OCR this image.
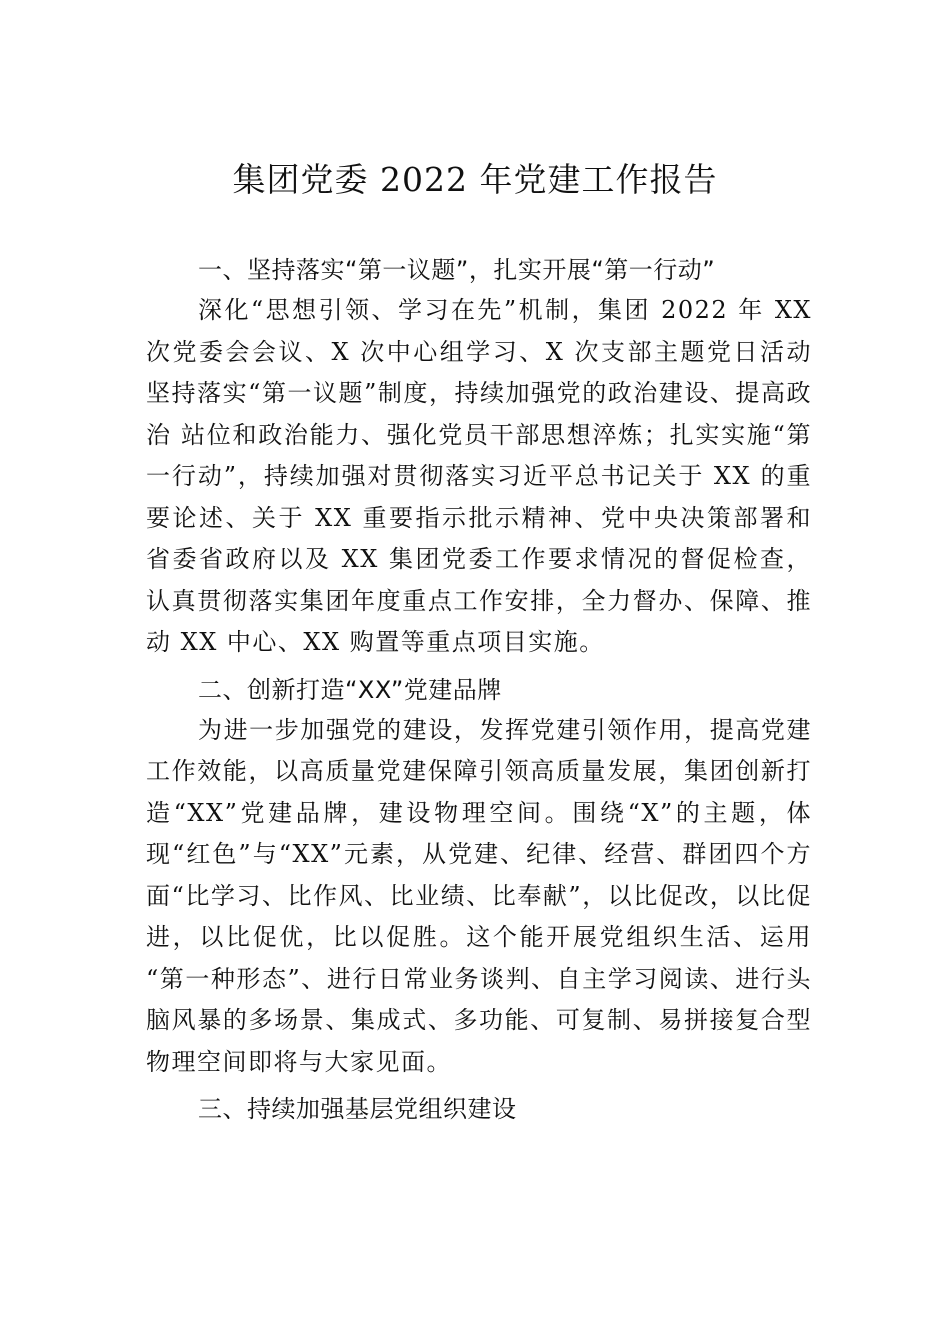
集团党委 2022 年党建工作报告
一、坚持落实“第一议题”，扎实开展“第一行动”

深化“思想引领、学习在先”机制，集团 2022 年 XX 次党委会会议、X 次中心组学习、X 次支部主题党日活动坚持落实“第一议题”制度，持续加强党的政治建设、提高政治 站位和政治能力、强化党员干部思想淬炼；扎实实施“第一行动”，持续加强对贯彻落实习近平总书记关于 XX 的重要论述、关于 XX 重要指示批示精神、党中央决策部署和省委省政府以及 XX 集团党委工作要求情况的督促检查，认真贯彻落实集团年度重点工作安排，全力督办、保障、推动 XX 中心、XX 购置等重点项目实施。

二、创新打造“XX”党建品牌

为进一步加强党的建设，发挥党建引领作用，提高党建工作效能，以高质量党建保障引领高质量发展，集团创新打造“XX”党建品牌，建设物理空间。围绕“X”的主题，体现“红色”与“XX”元素，从党建、纪律、经营、群团四个方面“比学习、比作风、比业绩、比奉献”，以比促改，以比促进，以比促优，比以促胜。这个能开展党组织生活、运用 “第一种形态”、进行日常业务谈判、自主学习阅读、进行头脑风暴的多场景、集成式、多功能、可复制、易拼接复合型 物理空间即将与大家见面。

三、持续加强基层党组织建设
